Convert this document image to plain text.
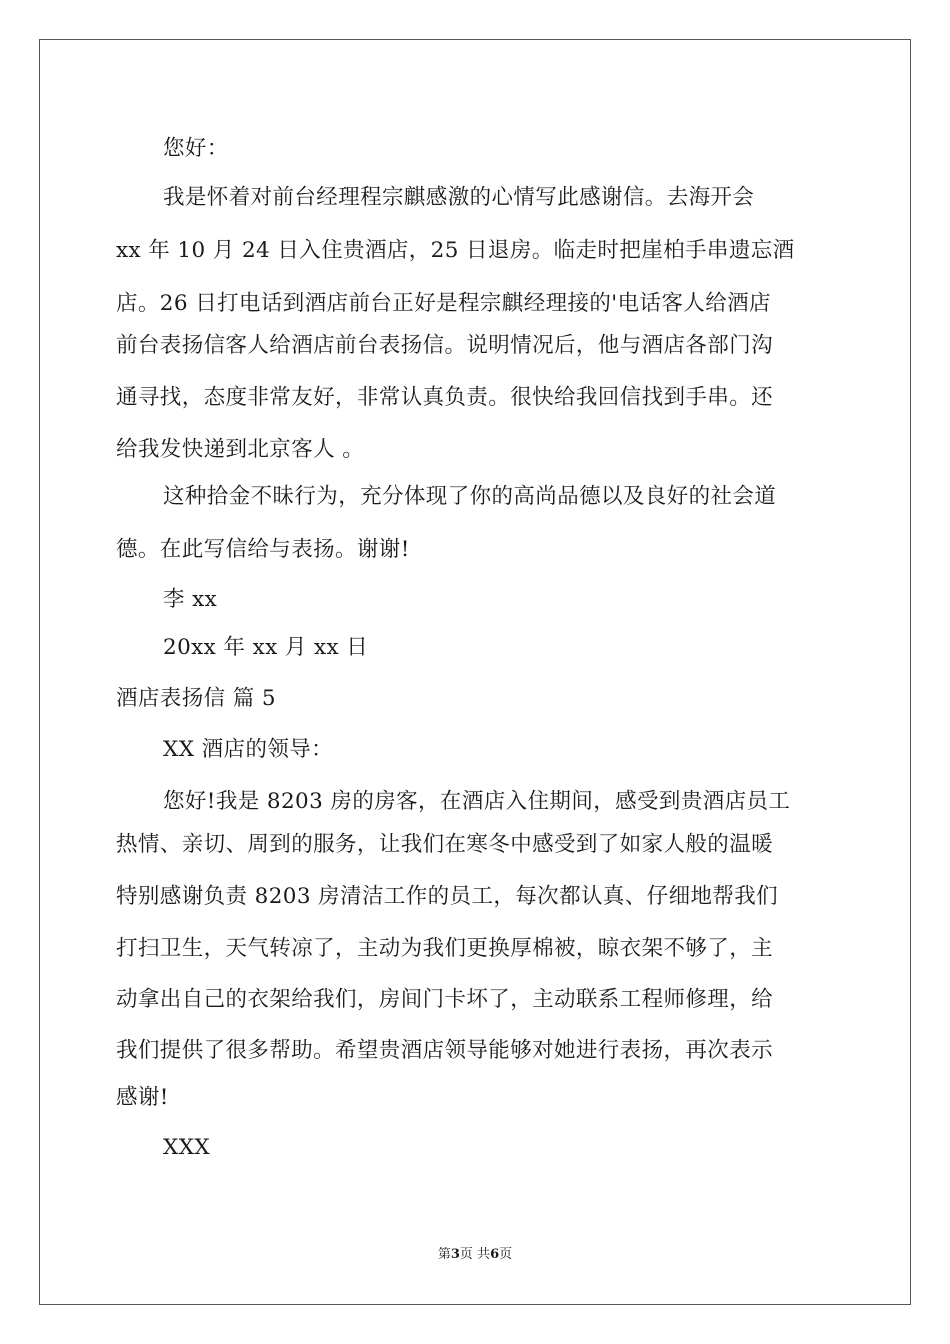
您好：
我是怀着对前台经理程宗麒感激的心情写此感谢信。去海开会
xx 年 10 月 24 日入住贵酒店，25 日退房。临走时把崖柏手串遗忘酒
店。26 日打电话到酒店前台正好是程宗麒经理接的'电话客人给酒店
前台表扬信客人给酒店前台表扬信。说明情况后，他与酒店各部门沟
通寻找，态度非常友好，非常认真负责。很快给我回信找到手串。还
给我发快递到北京客人 。
这种拾金不昧行为，充分体现了你的高尚品德以及良好的社会道
德。在此写信给与表扬。谢谢!
李 xx
20xx 年 xx 月 xx 日
酒店表扬信 篇 5
XX 酒店的领导：
您好!我是 8203 房的房客，在酒店入住期间，感受到贵酒店员工
热情、亲切、周到的服务，让我们在寒冬中感受到了如家人般的温暖
特别感谢负责 8203 房清洁工作的员工，每次都认真、仔细地帮我们
打扫卫生，天气转凉了，主动为我们更换厚棉被，晾衣架不够了，主
动拿出自己的衣架给我们，房间门卡坏了，主动联系工程师修理，给
我们提供了很多帮助。希望贵酒店领导能够对她进行表扬，再次表示
感谢!
XXX
第3页 共6页
